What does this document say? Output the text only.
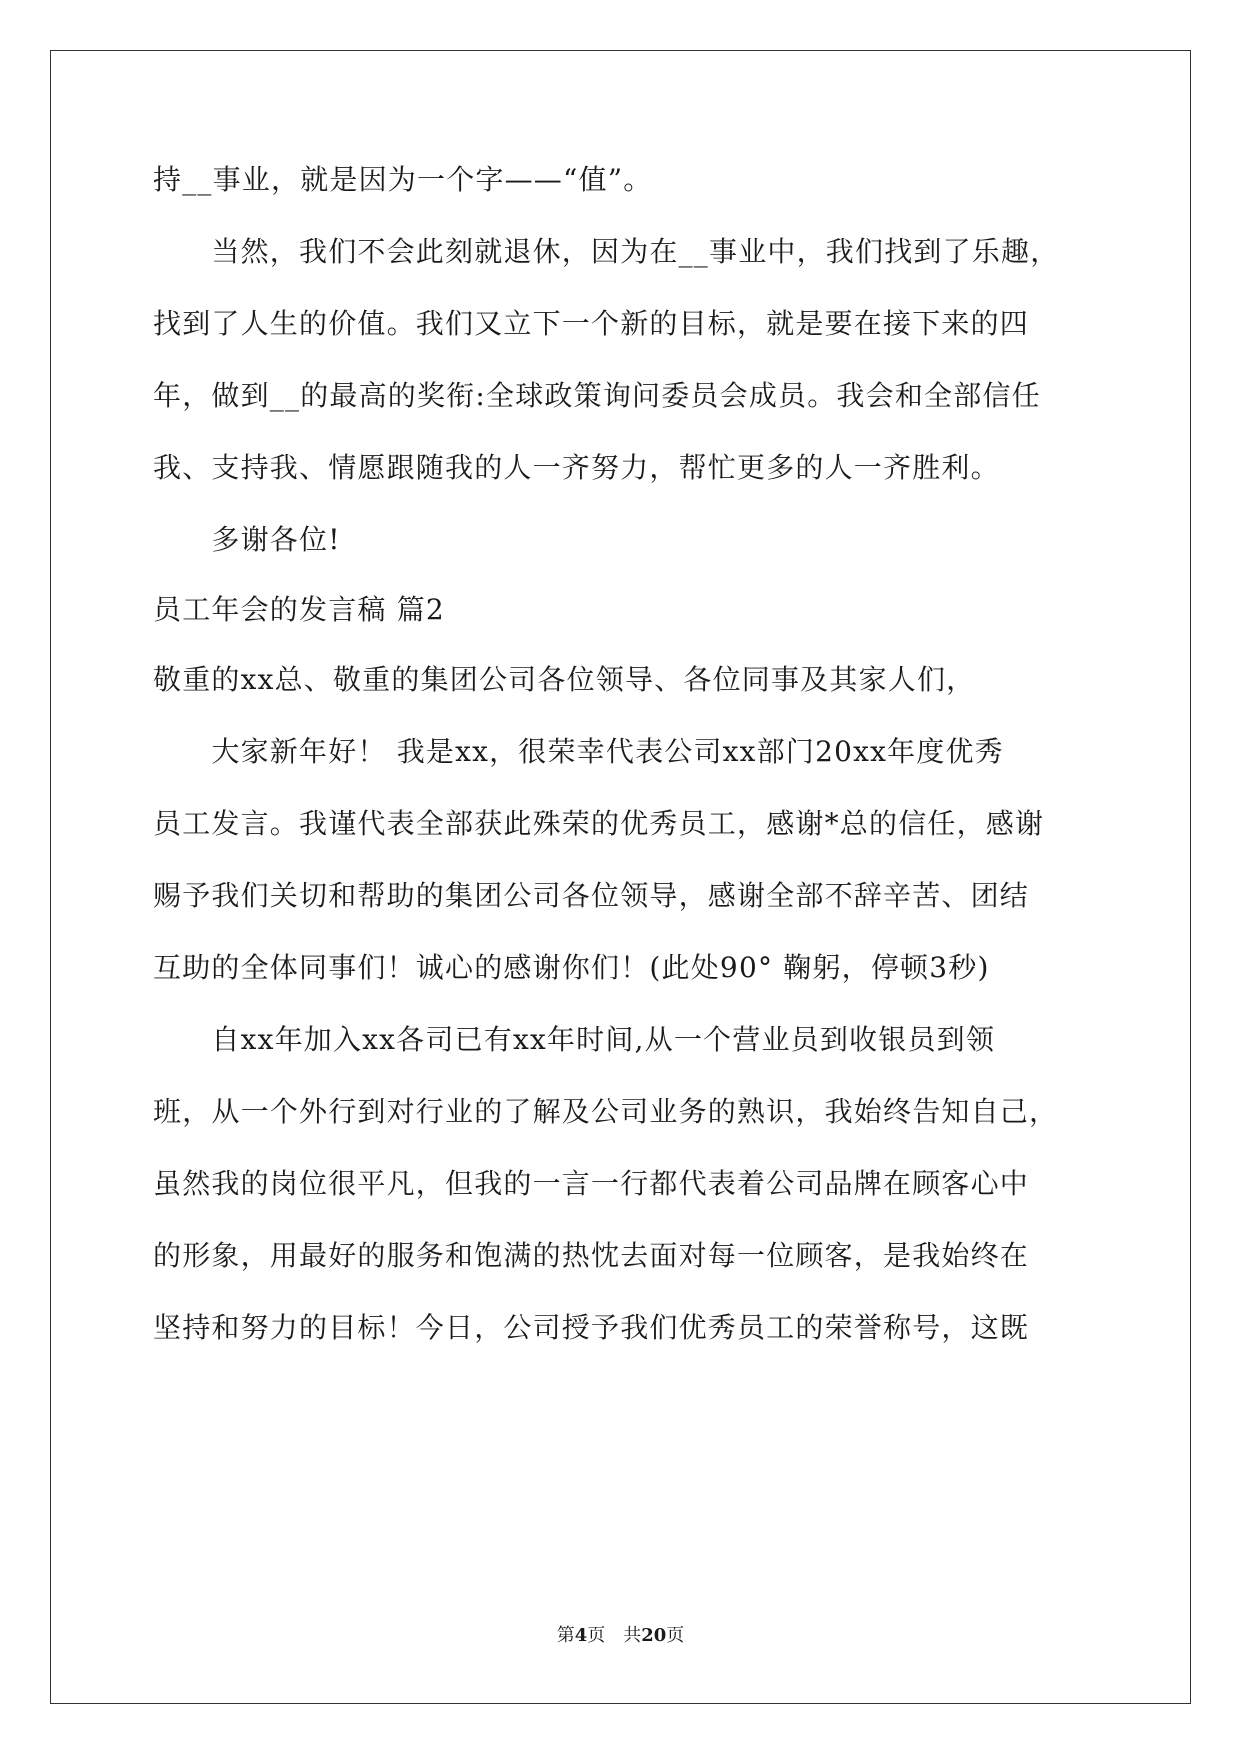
持__事业，就是因为一个字——“值”。
　　当然，我们不会此刻就退休，因为在__事业中，我们找到了乐趣，
找到了人生的价值。我们又立下一个新的目标，就是要在接下来的四
年，做到__的最高的奖衔:全球政策询问委员会成员。我会和全部信任
我、支持我、情愿跟随我的人一齐努力，帮忙更多的人一齐胜利。
　　多谢各位!
员工年会的发言稿 篇2
敬重的xx总、敬重的集团公司各位领导、各位同事及其家人们，
　　大家新年好！ 我是xx，很荣幸代表公司xx部门20xx年度优秀
员工发言。我谨代表全部获此殊荣的优秀员工，感谢*总的信任，感谢
赐予我们关切和帮助的集团公司各位领导，感谢全部不辞辛苦、团结
互助的全体同事们！诚心的感谢你们！(此处90° 鞠躬，停顿3秒)
　　自xx年加入xx各司已有xx年时间,从一个营业员到收银员到领
班，从一个外行到对行业的了解及公司业务的熟识，我始终告知自己，
虽然我的岗位很平凡，但我的一言一行都代表着公司品牌在顾客心中
的形象，用最好的服务和饱满的热忱去面对每一位顾客，是我始终在
坚持和努力的目标！今日，公司授予我们优秀员工的荣誉称号，这既
第4页 共20页
